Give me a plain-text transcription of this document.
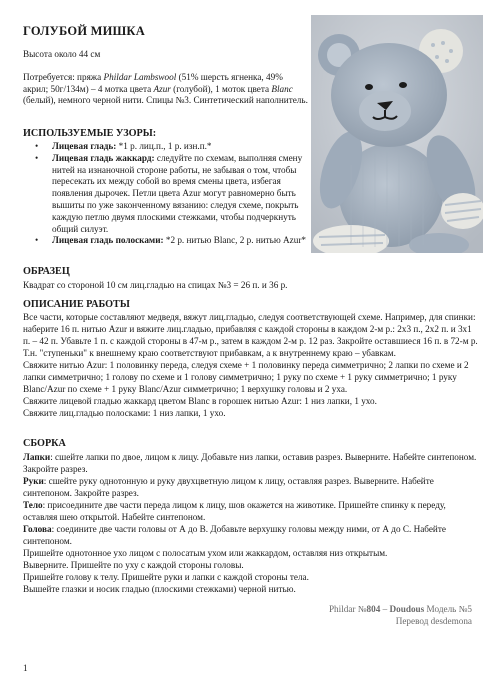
ГОЛУБОЙ МИШКА
Высота около 44 см
Потребуется: пряжа Phildar Lambswool (51% шерсть ягненка, 49% акрил; 50г/134м) – 4 мотка цвета Azur (голубой), 1 моток цвета Blanc (белый), немного черной нити. Спицы №3. Синтетический наполнитель.
ИСПОЛЬЗУЕМЫЕ УЗОРЫ:
• Лицевая гладь: *1 р. лиц.п., 1 р. изн.п.*
• Лицевая гладь жаккард: следуйте по схемам, выполняя смену нитей на изнаночной стороне работы, не забывая о том, чтобы пересекать их между собой во время смены цвета, избегая появления дырочек. Петли цвета Azur могут равномерно быть вышиты по уже законченному вязанию: следуя схеме, покрыть каждую петлю двумя плоскими стежками, чтобы подчеркнуть общий силуэт.
• Лицевая гладь полосками: *2 р. нитью Blanc, 2 р. нитью Azur*
ОБРАЗЕЦ
Квадрат со стороной 10 см лиц.гладью на спицах №3 = 26 п. и 36 р.
ОПИСАНИЕ РАБОТЫ
Все части, которые составляют медведя, вяжут лиц.гладью, следуя соответствующей схеме. Например, для спинки: наберите 16 п. нитью Azur и вяжите лиц.гладью, прибавляя с каждой стороны в каждом 2-м р.: 2х3 п., 2х2 п. и 3х1 п. – 42 п. Убавьте 1 п. с каждой стороны в 47-м р., затем в каждом 2-м р. 12 раз. Закройте оставшиеся 16 п. в 72-м р.
Т.н. "ступеньки" к внешнему краю соответствуют прибавкам, а к внутреннему краю – убавкам.
Свяжите нитью Azur: 1 половинку переда, следуя схеме + 1 половинку переда симметрично; 2 лапки по схеме и 2 лапки симметрично; 1 голову по схеме и 1 голову симметрично; 1 руку по схеме + 1 руку симметрично; 1 руку Blanc/Azur по схеме + 1 руку Blanc/Azur симметрично; 1 верхушку головы и 2 уха.
Свяжите лицевой гладью жаккард цветом Blanc в горошек нитью Azur: 1 низ лапки, 1 ухо.
Свяжите лиц.гладью полосками: 1 низ лапки, 1 ухо.
СБОРКА
Лапки: сшейте лапки по двое, лицом к лицу. Добавьте низ лапки, оставив разрез. Выверните. Набейте синтепоном. Закройте разрез.
Руки: сшейте руку однотонную и руку двухцветную лицом к лицу, оставляя разрез. Выверните. Набейте синтепоном. Закройте разрез.
Тело: присоедините две части переда лицом к лицу, шов окажется на животике. Пришейте спинку к переду, оставляя шею открытой. Набейте синтепоном.
Голова: соедините две части головы от А до В. Добавьте верхушку головы между ними, от А до С. Набейте синтепоном.
Пришейте однотонное ухо лицом с полосатым ухом или жаккардом, оставляя низ открытым.
Выверните. Пришейте по уху с каждой стороны головы.
Пришейте голову к телу. Пришейте руки и лапки с каждой стороны тела.
Вышейте глазки и носик гладью (плоскими стежками) черной нитью.
Phildar №804 – Doudous Модель №5
Перевод desdemona
1
